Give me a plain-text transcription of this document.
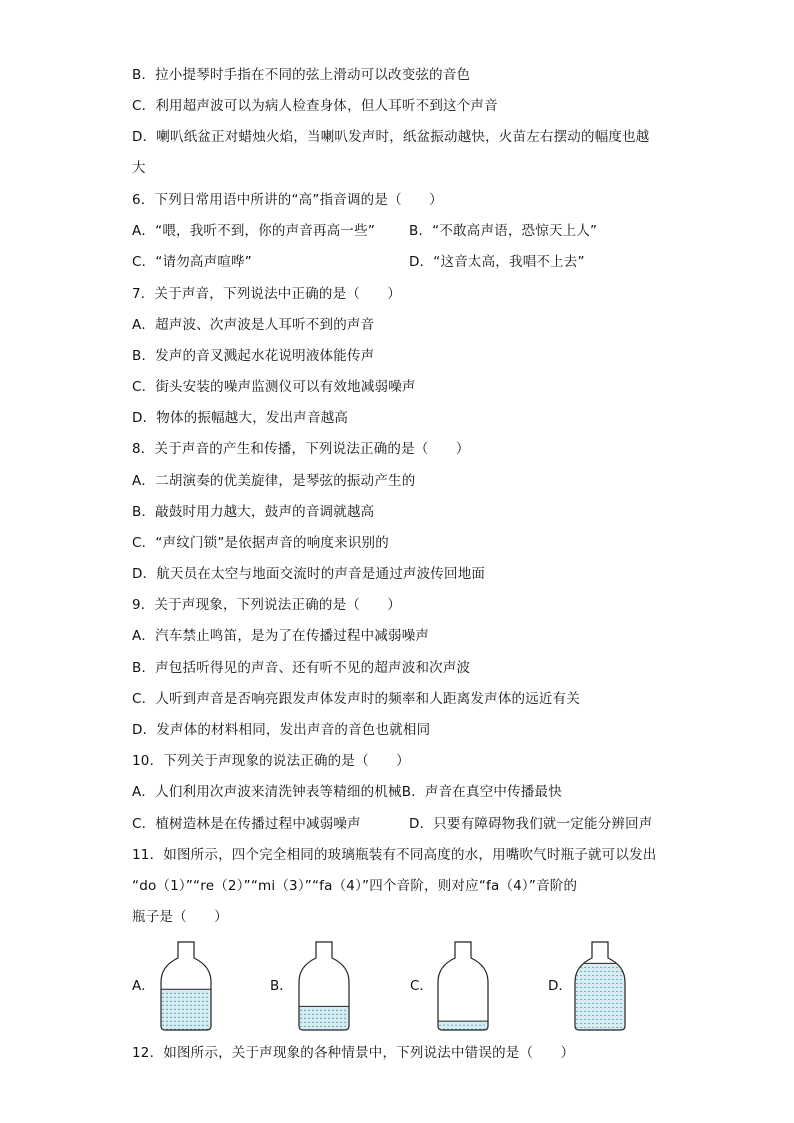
B．拉小提琴时手指在不同的弦上滑动可以改变弦的音色
C．利用超声波可以为病人检查身体，但人耳听不到这个声音
D．喇叭纸盆正对蜡烛火焰，当喇叭发声时，纸盆振动越快，火苗左右摆动的幅度也越
大
6．下列日常用语中所讲的“高”指音调的是（　　）
A．“喂，我听不到，你的声音再高一些”	B．“不敢高声语，恐惊天上人”
C．“请勿高声喧哗”	D．“这音太高，我唱不上去”
7．关于声音，下列说法中正确的是（　　）
A．超声波、次声波是人耳听不到的声音
B．发声的音叉溅起水花说明液体能传声
C．街头安装的噪声监测仪可以有效地减弱噪声
D．物体的振幅越大，发出声音越高
8．关于声音的产生和传播，下列说法正确的是（　　）
A．二胡演奏的优美旋律，是琴弦的振动产生的
B．敲鼓时用力越大，鼓声的音调就越高
C．“声纹门锁”是依据声音的响度来识别的
D．航天员在太空与地面交流时的声音是通过声波传回地面
9．关于声现象，下列说法正确的是（　　）
A．汽车禁止鸣笛，是为了在传播过程中减弱噪声
B．声包括听得见的声音、还有听不见的超声波和次声波
C．人听到声音是否响亮跟发声体发声时的频率和人距离发声体的远近有关
D．发声体的材料相同，发出声音的音色也就相同
10．下列关于声现象的说法正确的是（　　）
A．人们利用次声波来清洗钟表等精细的机械B．声音在真空中传播最快
C．植树造林是在传播过程中减弱噪声	D．只要有障碍物我们就一定能分辨回声
11．如图所示，四个完全相同的玻璃瓶装有不同高度的水，用嘴吹气时瓶子就可以发出
“do（1）”“re（2）”“mi（3）”“fa（4）”四个音阶，则对应“fa（4）”音阶的
瓶子是（　　）
A．	B．	C．	D．
12．如图所示，关于声现象的各种情景中，下列说法中错误的是（　　）
